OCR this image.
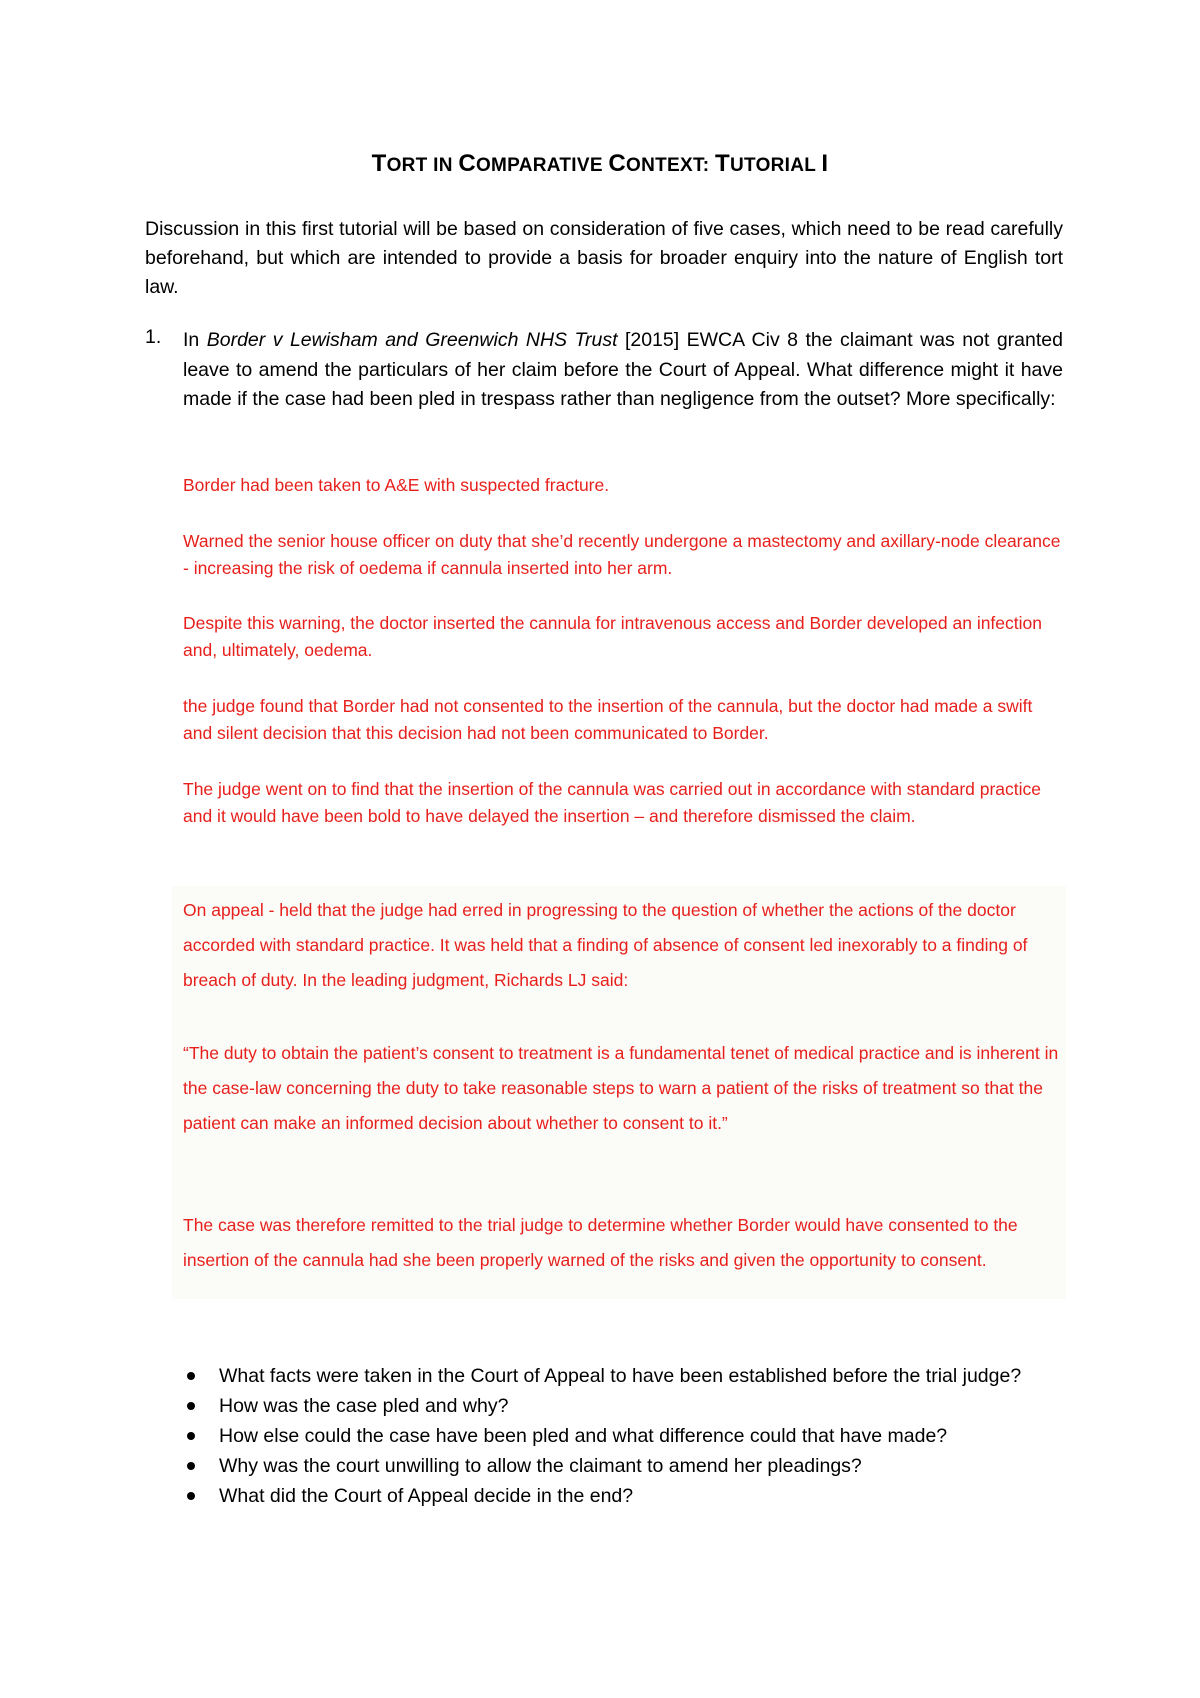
TORT IN COMPARATIVE CONTEXT: TUTORIAL I
Discussion in this first tutorial will be based on consideration of five cases, which need to be read carefully beforehand, but which are intended to provide a basis for broader enquiry into the nature of English tort law.
1. In Border v Lewisham and Greenwich NHS Trust [2015] EWCA Civ 8 the claimant was not granted leave to amend the particulars of her claim before the Court of Appeal. What difference might it have made if the case had been pled in trespass rather than negligence from the outset? More specifically:
Border had been taken to A&E with suspected fracture.
Warned the senior house officer on duty that she’d recently undergone a mastectomy and axillary-node clearance - increasing the risk of oedema if cannula inserted into her arm.
Despite this warning, the doctor inserted the cannula for intravenous access and Border developed an infection and, ultimately, oedema.
the judge found that Border had not consented to the insertion of the cannula, but the doctor had made a swift and silent decision that this decision had not been communicated to Border.
The judge went on to find that the insertion of the cannula was carried out in accordance with standard practice and it would have been bold to have delayed the insertion – and therefore dismissed the claim.
On appeal - held that the judge had erred in progressing to the question of whether the actions of the doctor accorded with standard practice. It was held that a finding of absence of consent led inexorably to a finding of breach of duty. In the leading judgment, Richards LJ said:
“The duty to obtain the patient’s consent to treatment is a fundamental tenet of medical practice and is inherent in the case-law concerning the duty to take reasonable steps to warn a patient of the risks of treatment so that the patient can make an informed decision about whether to consent to it.”
The case was therefore remitted to the trial judge to determine whether Border would have consented to the insertion of the cannula had she been properly warned of the risks and given the opportunity to consent.
What facts were taken in the Court of Appeal to have been established before the trial judge?
How was the case pled and why?
How else could the case have been pled and what difference could that have made?
Why was the court unwilling to allow the claimant to amend her pleadings?
What did the Court of Appeal decide in the end?
